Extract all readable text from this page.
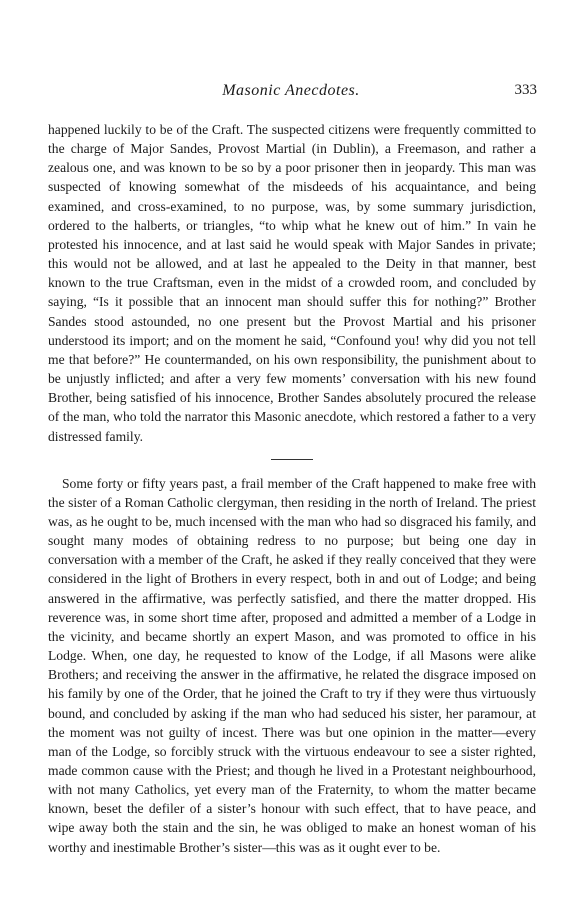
Masonic Anecdotes.	333

happened luckily to be of the Craft. The suspected citizens were frequently committed to the charge of Major Sandes, Provost Martial (in Dublin), a Freemason, and rather a zealous one, and was known to be so by a poor prisoner then in jeopardy. This man was suspected of knowing somewhat of the misdeeds of his acquaintance, and being examined, and cross-examined, to no purpose, was, by some summary jurisdiction, ordered to the halberts, or triangles, “to whip what he knew out of him.” In vain he protested his innocence, and at last said he would speak with Major Sandes in private; this would not be allowed, and at last he appealed to the Deity in that manner, best known to the true Craftsman, even in the midst of a crowded room, and concluded by saying, “Is it possible that an innocent man should suffer this for nothing?” Brother Sandes stood astounded, no one present but the Provost Martial and his prisoner understood its import; and on the moment he said, “Confound you! why did you not tell me that before?” He countermanded, on his own responsibility, the punishment about to be unjustly inflicted; and after a very few moments’ conversation with his new found Brother, being satisfied of his innocence, Brother Sandes absolutely procured the release of the man, who told the narrator this Masonic anecdote, which restored a father to a very distressed family.

Some forty or fifty years past, a frail member of the Craft happened to make free with the sister of a Roman Catholic clergyman, then residing in the north of Ireland. The priest was, as he ought to be, much incensed with the man who had so disgraced his family, and sought many modes of obtaining redress to no purpose; but being one day in conversation with a member of the Craft, he asked if they really conceived that they were considered in the light of Brothers in every respect, both in and out of Lodge; and being answered in the affirmative, was perfectly satisfied, and there the matter dropped. His reverence was, in some short time after, proposed and admitted a member of a Lodge in the vicinity, and became shortly an expert Mason, and was promoted to office in his Lodge. When, one day, he requested to know of the Lodge, if all Masons were alike Brothers; and receiving the answer in the affirmative, he related the disgrace imposed on his family by one of the Order, that he joined the Craft to try if they were thus virtuously bound, and concluded by asking if the man who had seduced his sister, her paramour, at the moment was not guilty of incest. There was but one opinion in the matter—every man of the Lodge, so forcibly struck with the virtuous endeavour to see a sister righted, made common cause with the Priest; and though he lived in a Protestant neighbourhood, with not many Catholics, yet every man of the Fraternity, to whom the matter became known, beset the defiler of a sister’s honour with such effect, that to have peace, and wipe away both the stain and the sin, he was obliged to make an honest woman of his worthy and inestimable Brother’s sister—this was as it ought ever to be.
